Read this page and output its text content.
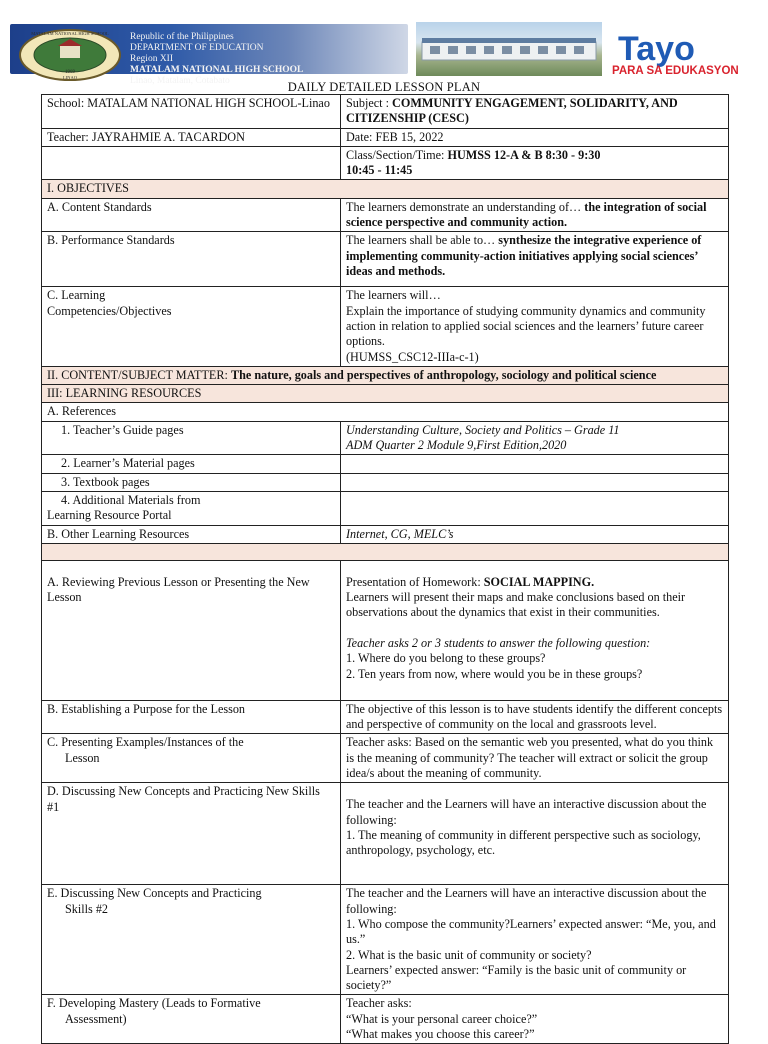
1969
MATALAM NATIONAL HIGH SCHOOL
LINAO
Republic of the Philippines
DEPARTMENT OF EDUCATION
Region XII
MATALAM NATIONAL HIGH SCHOOL
Linao, Matalam, Cotabato
Tayo
PARA SA EDUKASYON
DAILY DETAILED LESSON PLAN
School: MATALAM NATIONAL HIGH SCHOOL-Linao	Subject : COMMUNITY ENGAGEMENT, SOLIDARITY, AND CITIZENSHIP (CESC)
Teacher: JAYRAHMIE A. TACARDON	Date: FEB 15, 2022
	Class/Section/Time: HUMSS 12-A & B 8:30 - 9:30
10:45 - 11:45
I. OBJECTIVES	
A. Content Standards	The learners demonstrate an understanding of… the integration of social science perspective and community action.
B. Performance Standards	The learners shall be able to… synthesize the integrative experience of implementing community-action initiatives applying social sciences’ ideas and methods.
C. Learning
Competencies/Objectives	The learners will…
Explain the importance of studying community dynamics and community action in relation to applied social sciences and the learners’ future career options.
(HUMSS_CSC12-IIIa-c-1)
II. CONTENT/SUBJECT MATTER: The nature, goals and perspectives of anthropology, sociology and political science	
III: LEARNING RESOURCES	
A. References	
1. Teacher’s Guide pages	Understanding Culture, Society and Politics – Grade 11
ADM Quarter 2 Module 9,First Edition,2020
2. Learner’s Material pages	
3. Textbook pages	
4. Additional Materials from
Learning Resource Portal	
B. Other Learning Resources	Internet, CG, MELC’s

A. Reviewing Previous Lesson or Presenting the New Lesson	Presentation of Homework: SOCIAL MAPPING.
Learners will present their maps and make conclusions based on their observations about the dynamics that exist in their communities.

Teacher asks 2 or 3 students to answer the following question:
1. Where do you belong to these groups?
2. Ten years from now, where would you be in these groups?
B. Establishing a Purpose for the Lesson	The objective of this lesson is to have students identify the different concepts and perspective of community on the local and grassroots level.
C. Presenting Examples/Instances of the
Lesson	Teacher asks: Based on the semantic web you presented, what do you think is the meaning of community? The teacher will extract or solicit the group idea/s about the meaning of community.
D. Discussing New Concepts and Practicing New Skills #1	The teacher and the Learners will have an interactive discussion about the following:
1. The meaning of community in different perspective such as sociology, anthropology, psychology, etc.
E. Discussing New Concepts and Practicing
Skills #2	The teacher and the Learners will have an interactive discussion about the following:
1. Who compose the community?Learners’ expected answer: “Me, you, and us.”
2. What is the basic unit of community or society?
Learners’ expected answer: “Family is the basic unit of community or society?”
F. Developing Mastery (Leads to Formative
Assessment)	Teacher asks:
“What is your personal career choice?”
“What makes you choose this career?”
